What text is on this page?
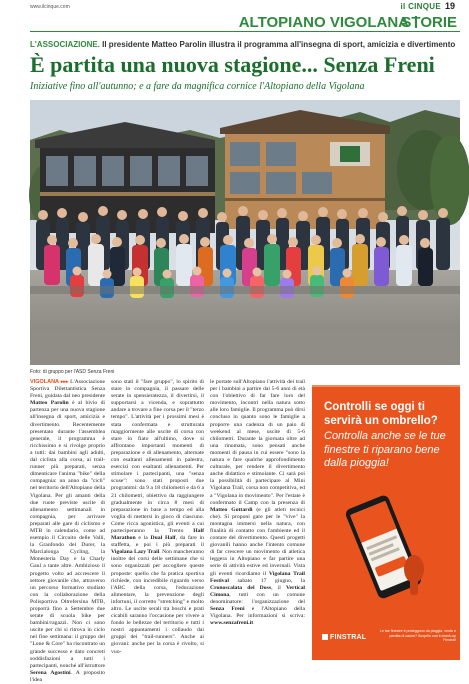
www.ilcinque.com	il CINQUE 19
ALTOPIANO VIGOLANA
STORIE
L'ASSOCIAZIONE. Il presidente Matteo Parolin illustra il programma all'insegna di sport, amicizia e divertimento
È partita una nuova stagione... Senza Freni
Iniziative fino all'autunno; e a fare da magnifica cornice l'Altopiano della Vigolana
Foto: di gruppo per l'ASD Senza Freni

VIGOLANA ▸▸▸ L'Associazione Sportiva Dilettantistica Senza Freni, guidata dal neo presidente Matteo Parolin è al bivio di partenza per una nuova stagione all'insegna di sport, amicizia e divertimento. Recentemente presentato durante l'assemblea generale, il programma è ricchissimo e si rivolge proprio a tutti: dai bambini agli adulti, dal ciclista alla corsa, ai trail-runner più preparati, senza dimenticare l'anima "bike" della compagnia: un anno da "cicli" nel territorio dell'Altopiano della Vigolana. Per gli amanti della due ruote previste uscite di allenamento settimanali in compagnia, per arrivare preparati alle gare di ciclismo e MTB in calendario, come ad esempio il Circuito delle Valli, la Granfondo del Durer, la Marcialonga Cycling, la Monesteria Day e la Charly Gaul a tante altre. Ambizioso il progetto volto ad accrescere il settore giovanile che, attraverso un percorso formativo studiato con la collaborazione della Polisportiva Oltrefersina MTB, proporrà fino a Settembre due serate di scuola bike per bambini/ragazzi. Non ci sono uscite per chi si ritrova in ciclo nel fine settimana: il gruppo del "Lone & Core" ha riscontrato un grande successo e dato concreti soddisfazioni a tutti i partecipanti, nonché all'istruttore Serena Agostini. A proposito l'idea

sono stati il "fare gruppo", lo spirito di stare in compagnia, il passare delle serate in spensieratezza, il divertirsi, il supportarsi a vicenda, e soprattutto andare a trovare a fine corsa per il "terzo tempo". L'attività per i prossimi mesi è stata confermata e strutturata maggiormente alle uscite di corsa con stare in fiato all'ultimo, dove si affrontano importanti momenti di preparazione e di allenamento, alternate con esaltanti allenamenti in palestra, esercizi con esaltanti allenamenti. Per stimolare i partecipanti, una "senza scuse": sono stati proposti due programmi: da 9 a 18 chilometri e da 6 a 21 chilometri, obiettivo da raggiungere gradualmente in circa 8 mesi di preparazione in base a tempo ed alla voglia di mettersi in gioco di ciascuno. Come ricca agonistica, gli eventi a cui parteciperanno la Trento Half Marathon e la Dual Half, da fare in staffetta, e poi i più preparati il Vigolana Lazy Trail. Non mancheranno inoltre dei corsi delle settimane che si sono organizzati per accogliere queste proposte: quello che fa pratica sportiva richiede, con incredibile riguardo verso l'ABC della corsa, l'educazione alimentare, la prevenzione degli infortuni, il corretto "stretching" e molto altro. Le uscite serali tra boschi e prati cicabili saranno l'occasione per vivere a fondo le bellezze del territorio e tutti i nostri appuntamenti i collaudo dai gruppi dei "trail-runners". Anche ai giovani: anche per la corsa è rivolto, si vuo-

le portate sull'Altopiano l'attività dei trail per i bambini a partire dai 5-6 anni di età con l'obiettivo di far fare loro del movimento, incontri nella natura sotto alle loro famiglie. Il programma può dirsi concluso in quanto sono le famiglie a proporre una cadenza di un paio di weekend al mese, uscite di 5-6 chilometri. Durante la giornata oltre ad una rinomata, sono pensati anche momenti di pausa in cui essere "sono la natura e fare qualche approfondimento culturale, per rendere il divertimento anche didattico e stimolante. Ci sarà poi la possibilità di partecipare al Mini Vigolana Trail, corsa non competitiva, ed a "Vigolana in movimento". Per l'estate è confermato il Camp con la presenza di Matteo Gottardi (e gli atleti tecnici che). Si proponi gare per le "vive" la montagna immersi nella natura, con finalità di contatto con l'ambiente ed il contare del divertimento. Questi progetti giovanili hanno anche l'intento comune di far crescere un movimento di atletica leggera in Altopiano e far partire una serie di attività estive ed invernali. Vista gli eventi ricordiamo il Vigolana Trail Festival sabato 17 giugno, la Cronoscalata del Doss, il Vertical Cimona, tutti con un comune denominatore: l'organizzazione del Senza Freni e l'Altopiano della Vigolana. Per informazioni si scriva: www.senzafreni.it

Controlli se oggi ti servirà un ombrello?
Controlla anche se le tue finestre ti riparano bene dalla pioggia!
FINSTRAL
Le tue finestre ti proteggono da pioggia, vento e perdita di calore? Scoprilo con il check-up Finstral!
